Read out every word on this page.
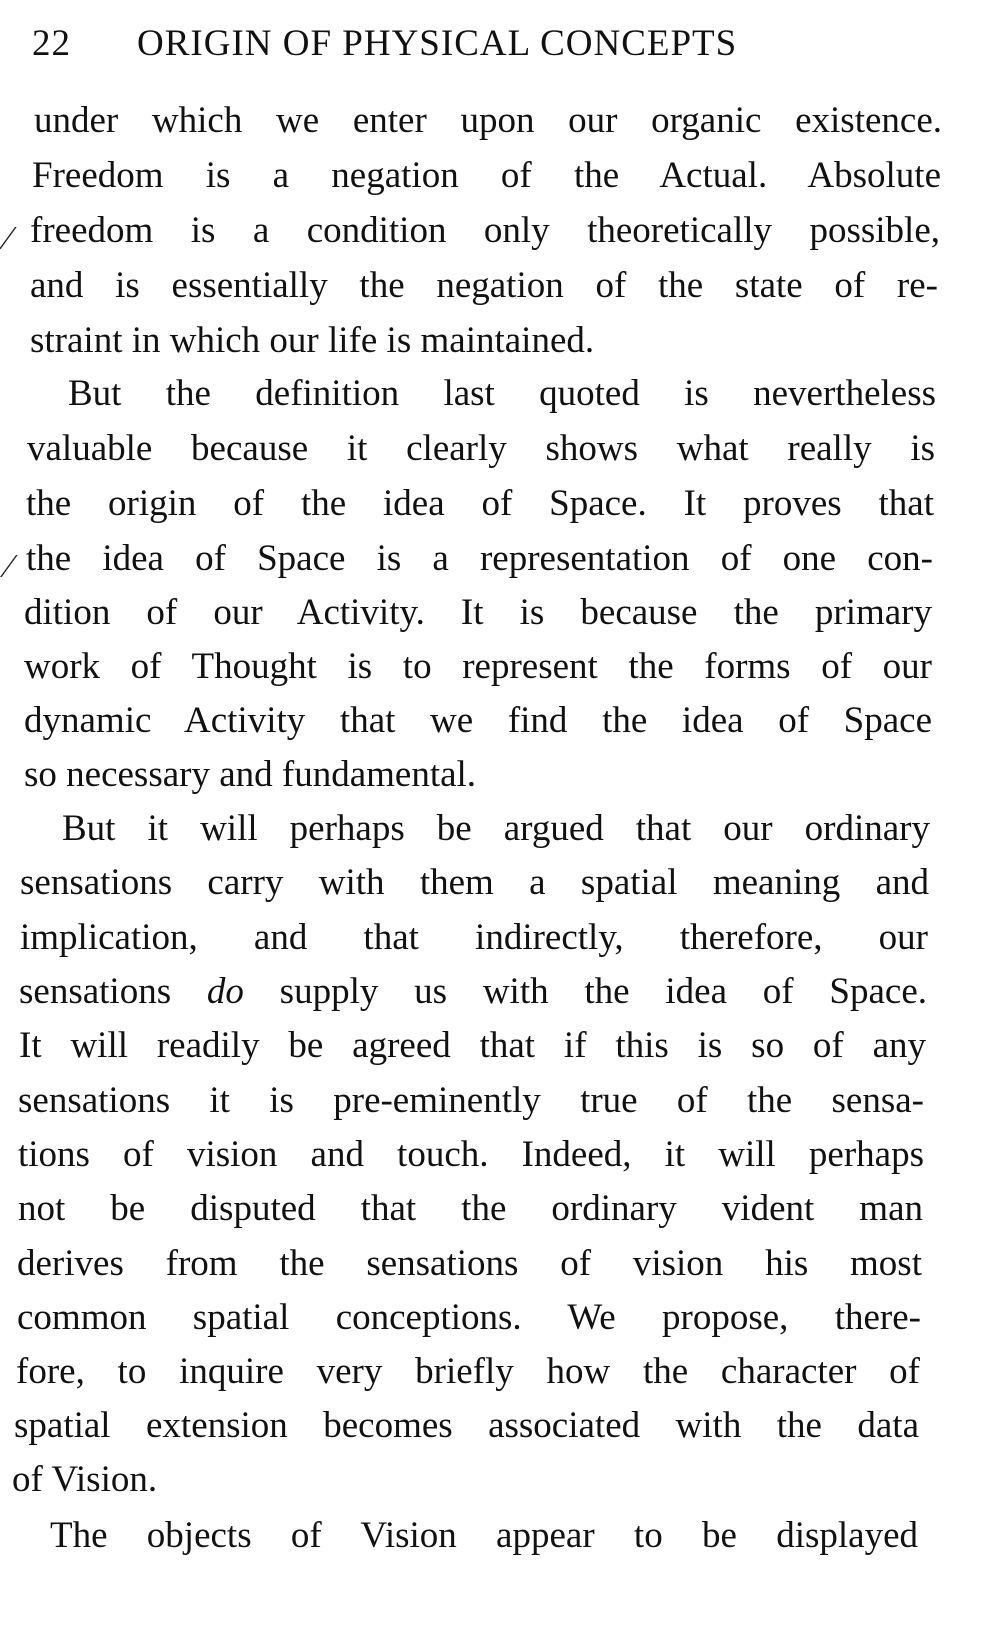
22 ORIGIN OF PHYSICAL CONCEPTS
under which we enter upon our organic existence.
Freedom is a negation of the Actual. Absolute
⁄ freedom is a condition only theoretically possible,
and is essentially the negation of the state of re-
straint in which our life is maintained.
But the definition last quoted is nevertheless
valuable because it clearly shows what really is
the origin of the idea of Space. It proves that
⁄ the idea of Space is a representation of one con-
dition of our Activity. It is because the primary
work of Thought is to represent the forms of our
dynamic Activity that we find the idea of Space
so necessary and fundamental.
But it will perhaps be argued that our ordinary
sensations carry with them a spatial meaning and
implication, and that indirectly, therefore, our
sensations do supply us with the idea of Space.
It will readily be agreed that if this is so of any
sensations it is pre-eminently true of the sensa-
tions of vision and touch. Indeed, it will perhaps
not be disputed that the ordinary vident man
derives from the sensations of vision his most
common spatial conceptions. We propose, there-
fore, to inquire very briefly how the character of
spatial extension becomes associated with the data
of Vision.
The objects of Vision appear to be displayed
